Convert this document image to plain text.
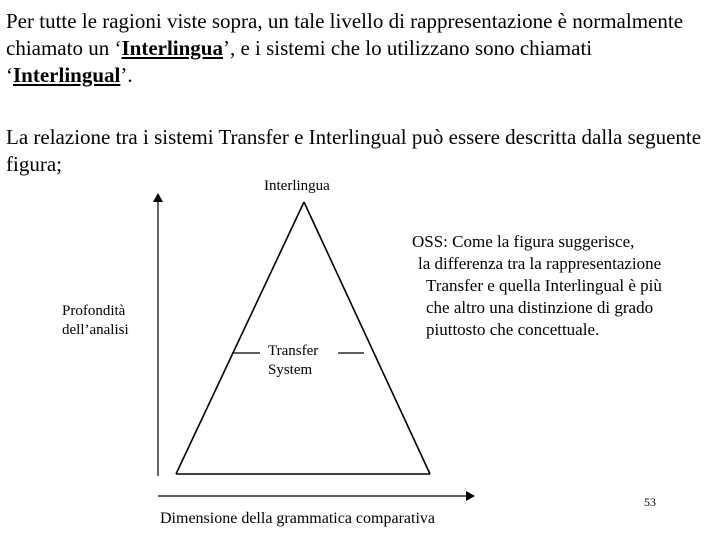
Per tutte le ragioni viste sopra, un tale livello di rappresentazione è normalmente chiamato un ‘Interlingua’, e i sistemi che lo utilizzano sono chiamati ‘Interlingual’.

La relazione tra i sistemi Transfer e Interlingual può essere descritta dalla seguente figura;

Interlingua
Profondità
dell’analisi
Transfer
System
Dimensione della grammatica comparativa
OSS: Come la figura suggerisce,
la differenza tra la rappresentazione
Transfer e quella Interlingual è più
che altro una distinzione di grado
piuttosto che concettuale.
53
